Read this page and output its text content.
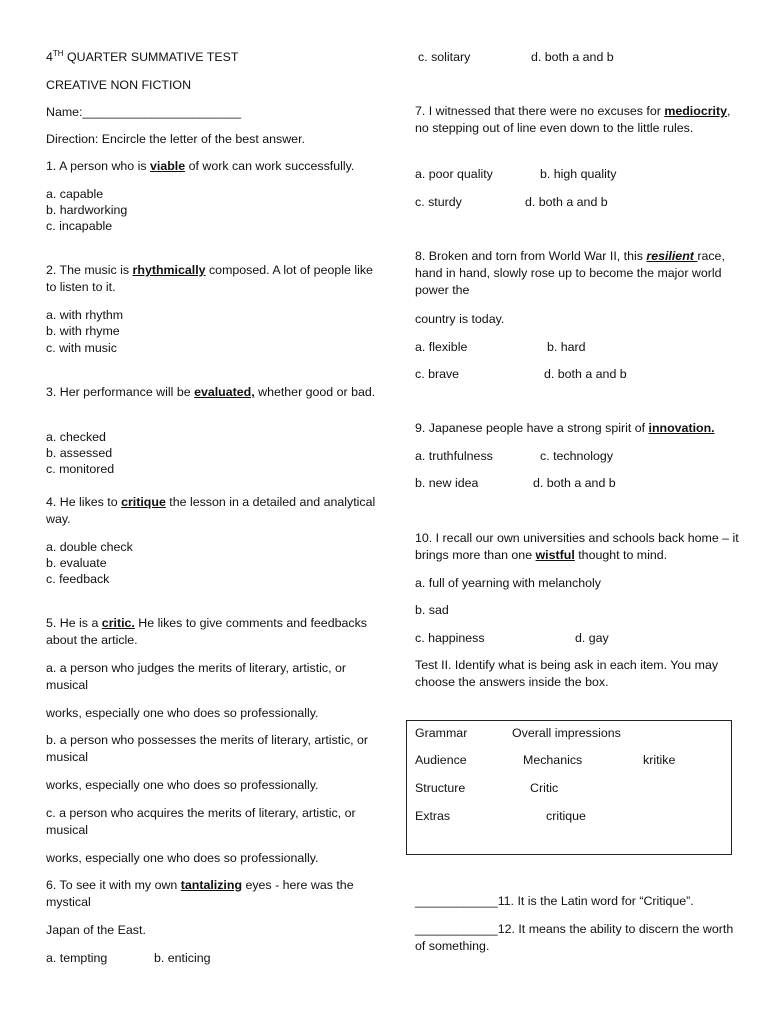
4TH QUARTER SUMMATIVE TEST

CREATIVE NON FICTION

Name:_______________________

Direction: Encircle the letter of the best answer.

1. A person who is viable of work can work successfully.

a. capable

b. hardworking

c. incapable

2. The music is rhythmically composed. A lot of people like to listen to it.

a. with rhythm

b. with rhyme

c. with music

3. Her performance will be evaluated, whether good or bad.

a. checked

b. assessed

c. monitored

4. He likes to critique the lesson in a detailed and analytical way.

a. double check

b. evaluate

c. feedback

5. He is a critic. He likes to give comments and feedbacks about the article.

a. a person who judges the merits of literary, artistic, or musical

works, especially one who does so professionally.

b. a person who possesses the merits of literary, artistic, or musical

works, especially one who does so professionally.

c. a person who acquires the merits of literary, artistic, or musical

works, especially one who does so professionally.

6. To see it with my own tantalizing eyes - here was the mystical

Japan of the East.

a. tempting	b. enticing

c. solitary	d. both a and b

7. I witnessed that there were no excuses for mediocrity, no stepping out of line even down to the little rules.

a. poor quality	b. high quality

c. sturdy	d. both a and b

8. Broken and torn from World War II, this resilient race, hand in hand, slowly rose up to become the major world power the

country is today.

a. flexible	b. hard

c. brave	d. both a and b

9. Japanese people have a strong spirit of innovation.

a. truthfulness	c. technology

b. new idea	d. both a and b

10. I recall our own universities and schools back home – it brings more than one wistful thought to mind.

a. full of yearning with melancholy

b. sad

c. happiness	d. gay

Test II. Identify what is being ask in each item. You may choose the answers inside the box.

Grammar	Overall impressions

Audience	Mechanics	kritike

Structure	Critic

Extras	critique

____________11. It is the Latin word for “Critique”.

____________12. It means the ability to discern the worth of something.
